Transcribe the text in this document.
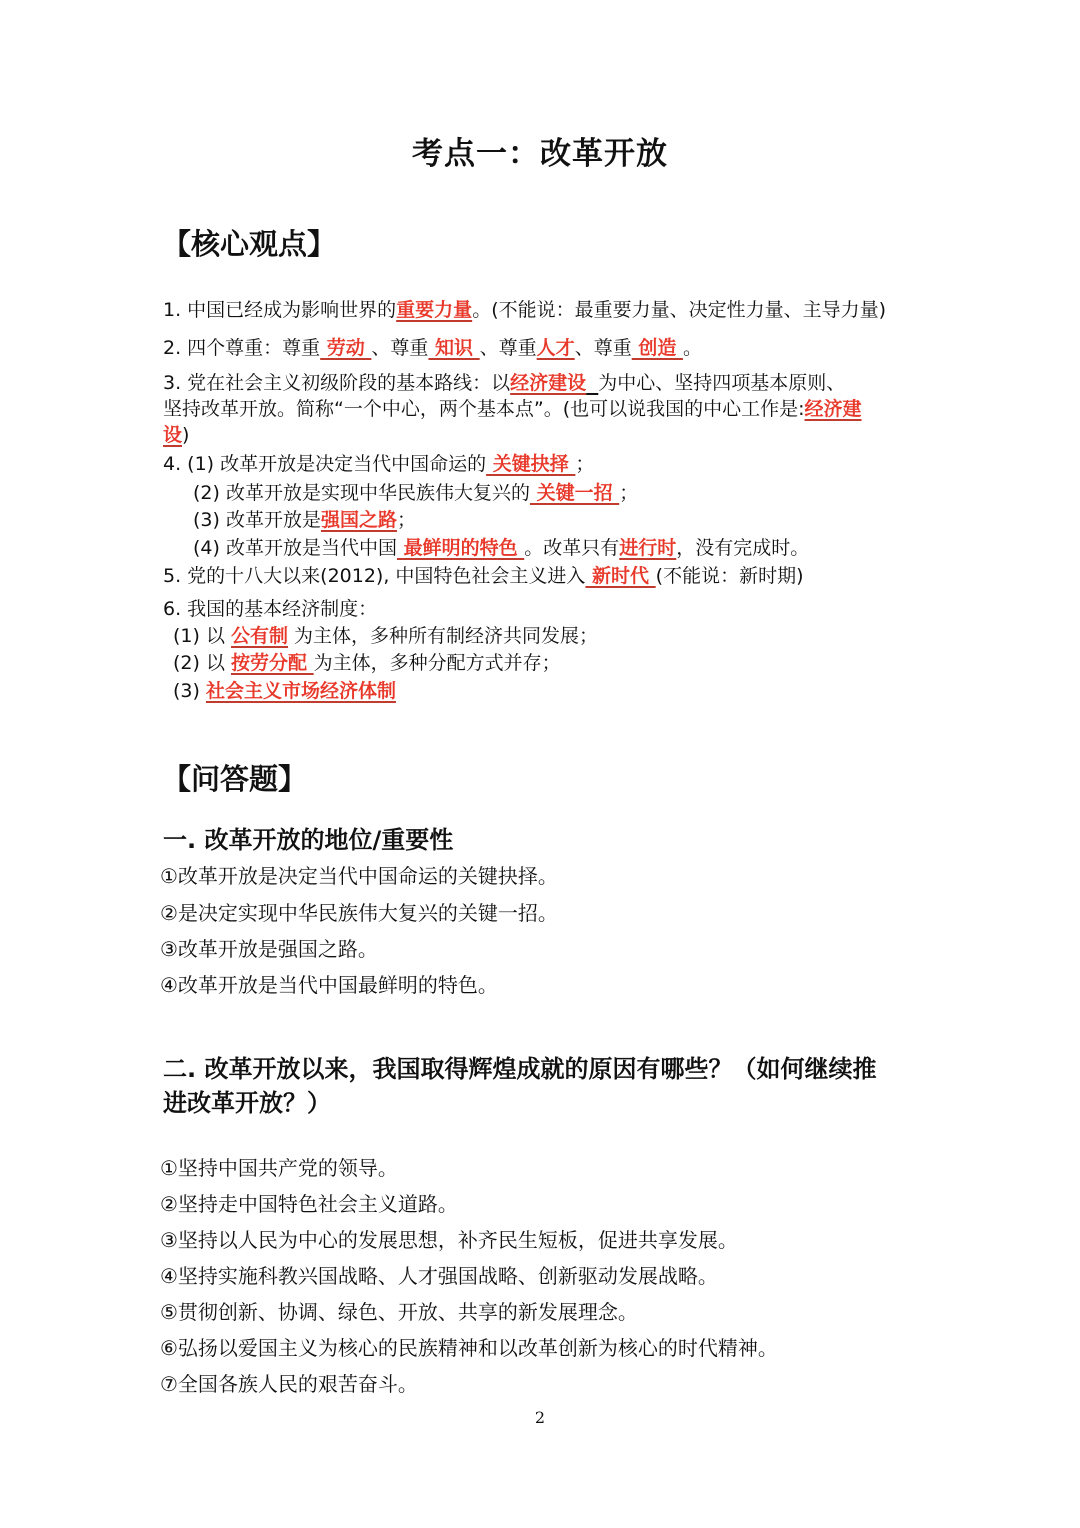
考点一：改革开放
【核心观点】
1. 中国已经成为影响世界的重要力量。(不能说：最重要力量、决定性力量、主导力量)
2. 四个尊重：尊重 劳动 、尊重 知识 、尊重人才、尊重 创造 。
3. 党在社会主义初级阶段的基本路线：以经济建设 为中心、坚持四项基本原则、
坚持改革开放。简称“一个中心，两个基本点”。(也可以说我国的中心工作是:经济建
设)
4. (1) 改革开放是决定当代中国命运的 关键抉择 ；
(2) 改革开放是实现中华民族伟大复兴的 关键一招 ；
(3) 改革开放是强国之路；
(4) 改革开放是当代中国 最鲜明的特色 。改革只有进行时，没有完成时。
5. 党的十八大以来(2012), 中国特色社会主义进入 新时代 (不能说：新时期)
6. 我国的基本经济制度：
(1) 以 公有制 为主体，多种所有制经济共同发展；
(2) 以 按劳分配 为主体，多种分配方式并存；
(3) 社会主义市场经济体制
【问答题】
一. 改革开放的地位/重要性
①改革开放是决定当代中国命运的关键抉择。
②是决定实现中华民族伟大复兴的关键一招。
③改革开放是强国之路。
④改革开放是当代中国最鲜明的特色。
二. 改革开放以来，我国取得辉煌成就的原因有哪些？（如何继续推
进改革开放？）
①坚持中国共产党的领导。
②坚持走中国特色社会主义道路。
③坚持以人民为中心的发展思想，补齐民生短板，促进共享发展。
④坚持实施科教兴国战略、人才强国战略、创新驱动发展战略。
⑤贯彻创新、协调、绿色、开放、共享的新发展理念。
⑥弘扬以爱国主义为核心的民族精神和以改革创新为核心的时代精神。
⑦全国各族人民的艰苦奋斗。
2
